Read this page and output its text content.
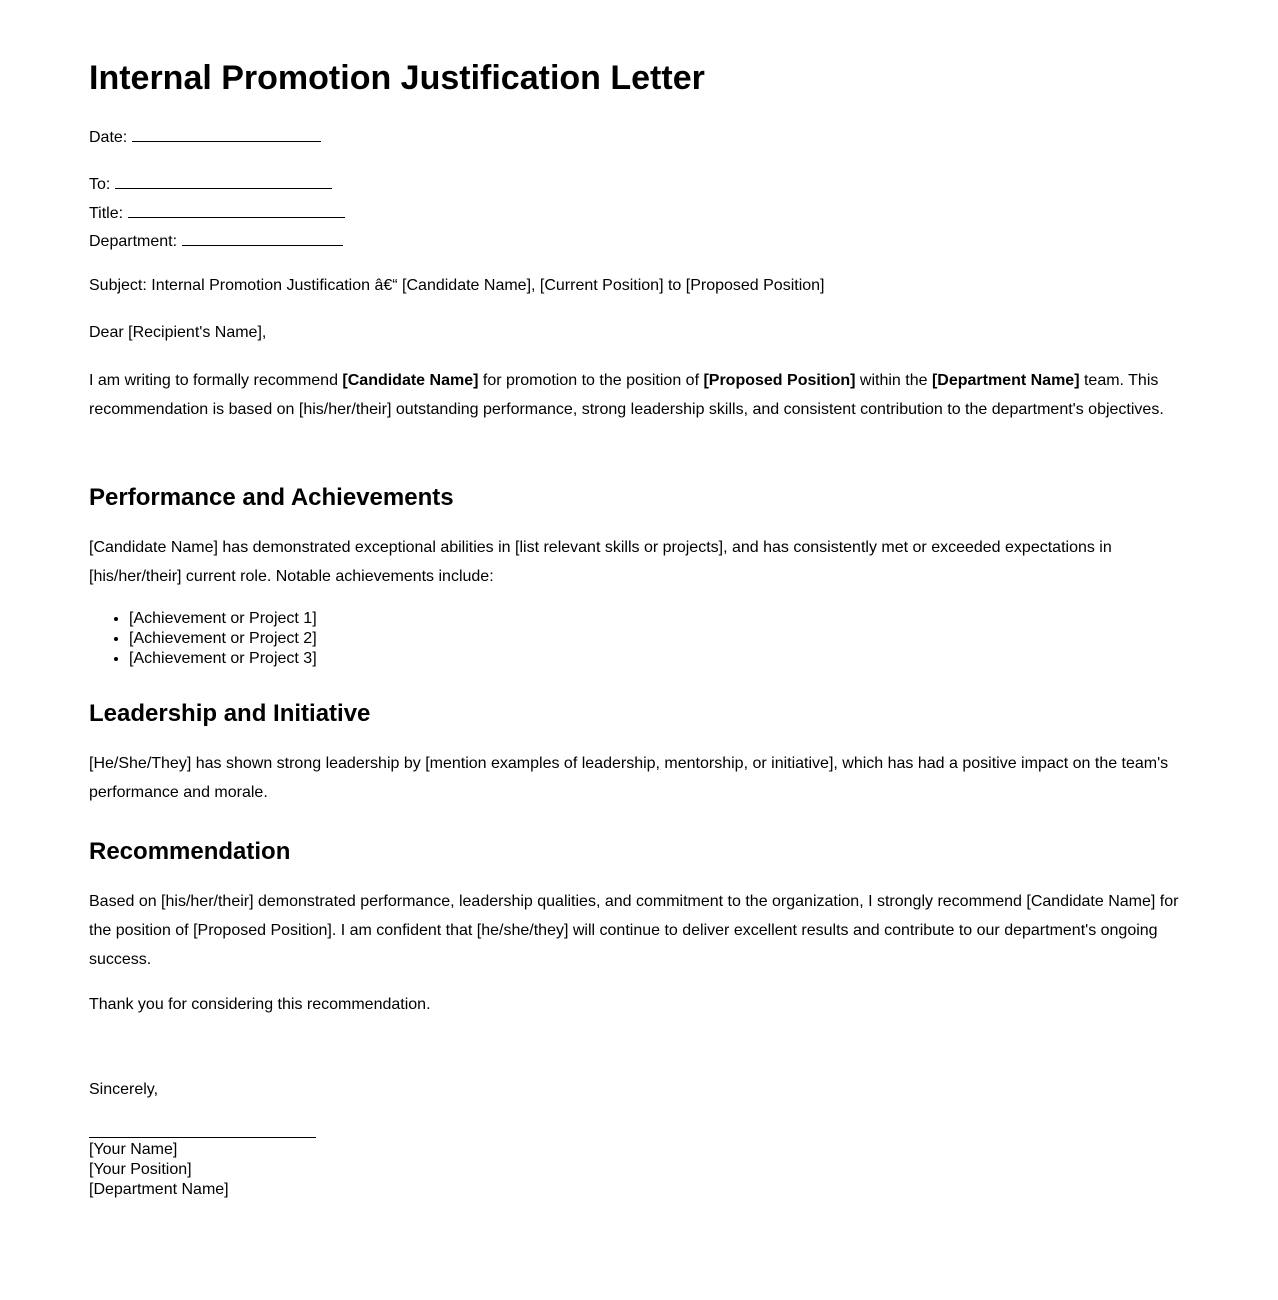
Internal Promotion Justification Letter

Date:

To:

Title:

Department:

Subject: Internal Promotion Justification â€“ [Candidate Name], [Current Position] to [Proposed Position]

Dear [Recipient's Name],

I am writing to formally recommend [Candidate Name] for promotion to the position of [Proposed Position] within the [Department Name] team. This recommendation is based on [his/her/their] outstanding performance, strong leadership skills, and consistent contribution to the department's objectives.

Performance and Achievements

[Candidate Name] has demonstrated exceptional abilities in [list relevant skills or projects], and has consistently met or exceeded expectations in [his/her/their] current role. Notable achievements include:

• [Achievement or Project 1]
• [Achievement or Project 2]
• [Achievement or Project 3]
Leadership and Initiative

[He/She/They] has shown strong leadership by [mention examples of leadership, mentorship, or initiative], which has had a positive impact on the team's performance and morale.

Recommendation

Based on [his/her/their] demonstrated performance, leadership qualities, and commitment to the organization, I strongly recommend [Candidate Name] for the position of [Proposed Position]. I am confident that [he/she/they] will continue to deliver excellent results and contribute to our department's ongoing success.

Thank you for considering this recommendation.

Sincerely,

[Your Name]

[Your Position]

[Department Name]
